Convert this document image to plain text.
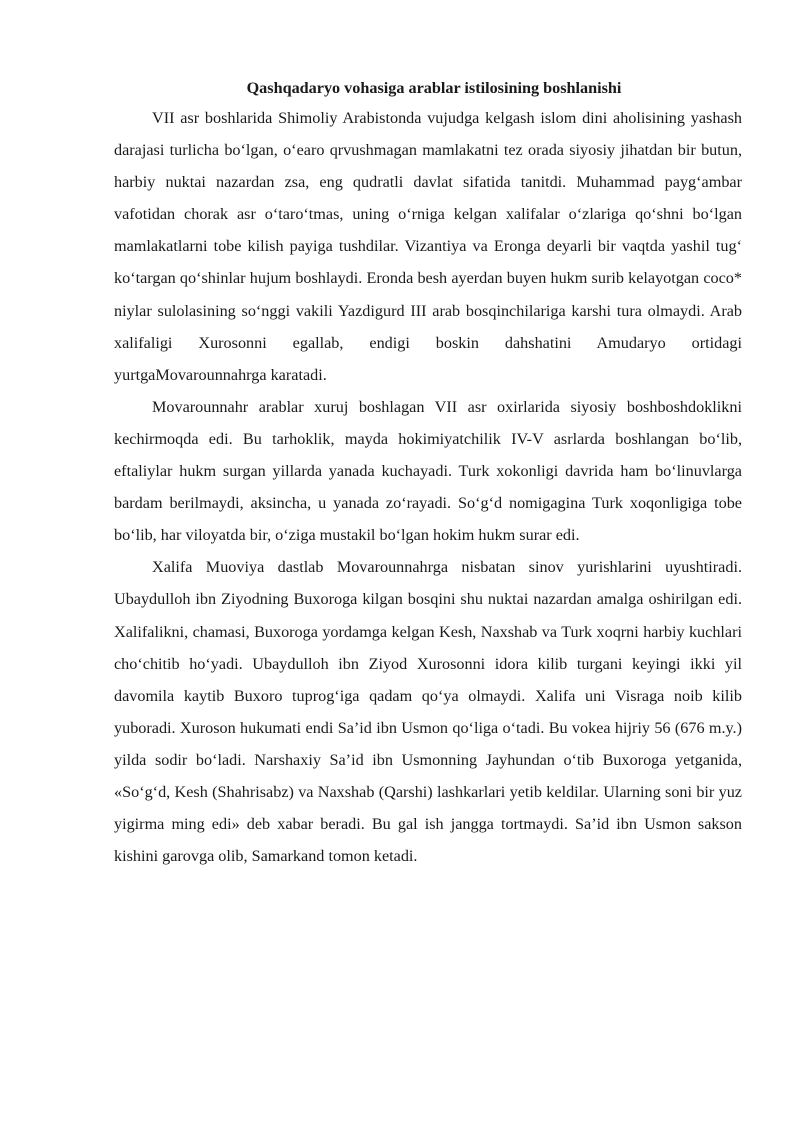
Qashqadaryo vohasiga arablar istilosining boshlanishi

VII asr boshlarida Shimoliy Arabistonda vujudga kelgash islom dini aholisining yashash darajasi turlicha bo‘lgan, o‘earo qrvushmagan mamlakatni tez orada siyosiy jihatdan bir butun, harbiy nuktai nazardan zsa, eng qudratli davlat sifatida tanitdi. Muhammad payg‘ambar vafotidan chorak asr o‘taro‘tmas, uning o‘rniga kelgan xalifalar o‘zlariga qo‘shni bo‘lgan mamlakatlarni tobe kilish payiga tushdilar. Vizantiya va Eronga deyarli bir vaqtda yashil tug‘ ko‘targan qo‘shinlar hujum boshlaydi. Eronda besh ayerdan buyen hukm surib kelayotgan coco* niylar sulolasining so‘nggi vakili Yazdigurd III arab bosqinchilariga karshi tura olmaydi. Arab xalifaligi Xurosonni egallab, endigi boskin dahshatini Amudaryo ortidagi yurtgaMovarounnahrga karatadi.

Movarounnahr arablar xuruj boshlagan VII asr oxirlarida siyosiy boshboshdoklikni kechirmoqda edi. Bu tarhoklik, mayda hokimiyatchilik IV-V asrlarda boshlangan bo‘lib, eftaliylar hukm surgan yillarda yanada kuchayadi. Turk xokonligi davrida ham bo‘linuvlarga bardam berilmaydi, aksincha, u yanada zo‘rayadi. So‘g‘d nomigagina Turk xoqonligiga tobe bo‘lib, har viloyatda bir, o‘ziga mustakil bo‘lgan hokim hukm surar edi.

Xalifa Muoviya dastlab Movarounnahrga nisbatan sinov yurishlarini uyushtiradi. Ubaydulloh ibn Ziyodning Buxoroga kilgan bosqini shu nuktai nazardan amalga oshirilgan edi. Xalifalikni, chamasi, Buxoroga yordamga kelgan Kesh, Naxshab va Turk xoqrni harbiy kuchlari cho‘chitib ho‘yadi. Ubaydulloh ibn Ziyod Xurosonni idora kilib turgani keyingi ikki yil davomila kaytib Buxoro tuprog‘iga qadam qo‘ya olmaydi. Xalifa uni Visraga noib kilib yuboradi. Xuroson hukumati endi Sa’id ibn Usmon qo‘liga o‘tadi. Bu vokea hijriy 56 (676 m.y.) yilda sodir bo‘ladi. Narshaxiy Sa’id ibn Usmonning Jayhundan o‘tib Buxoroga yetganida, «So‘g‘d, Kesh (Shahrisabz) va Naxshab (Qarshi) lashkarlari yetib keldilar. Ularning soni bir yuz yigirma ming edi» deb xabar beradi. Bu gal ish jangga tortmaydi. Sa’id ibn Usmon sakson kishini garovga olib, Samarkand tomon ketadi.
